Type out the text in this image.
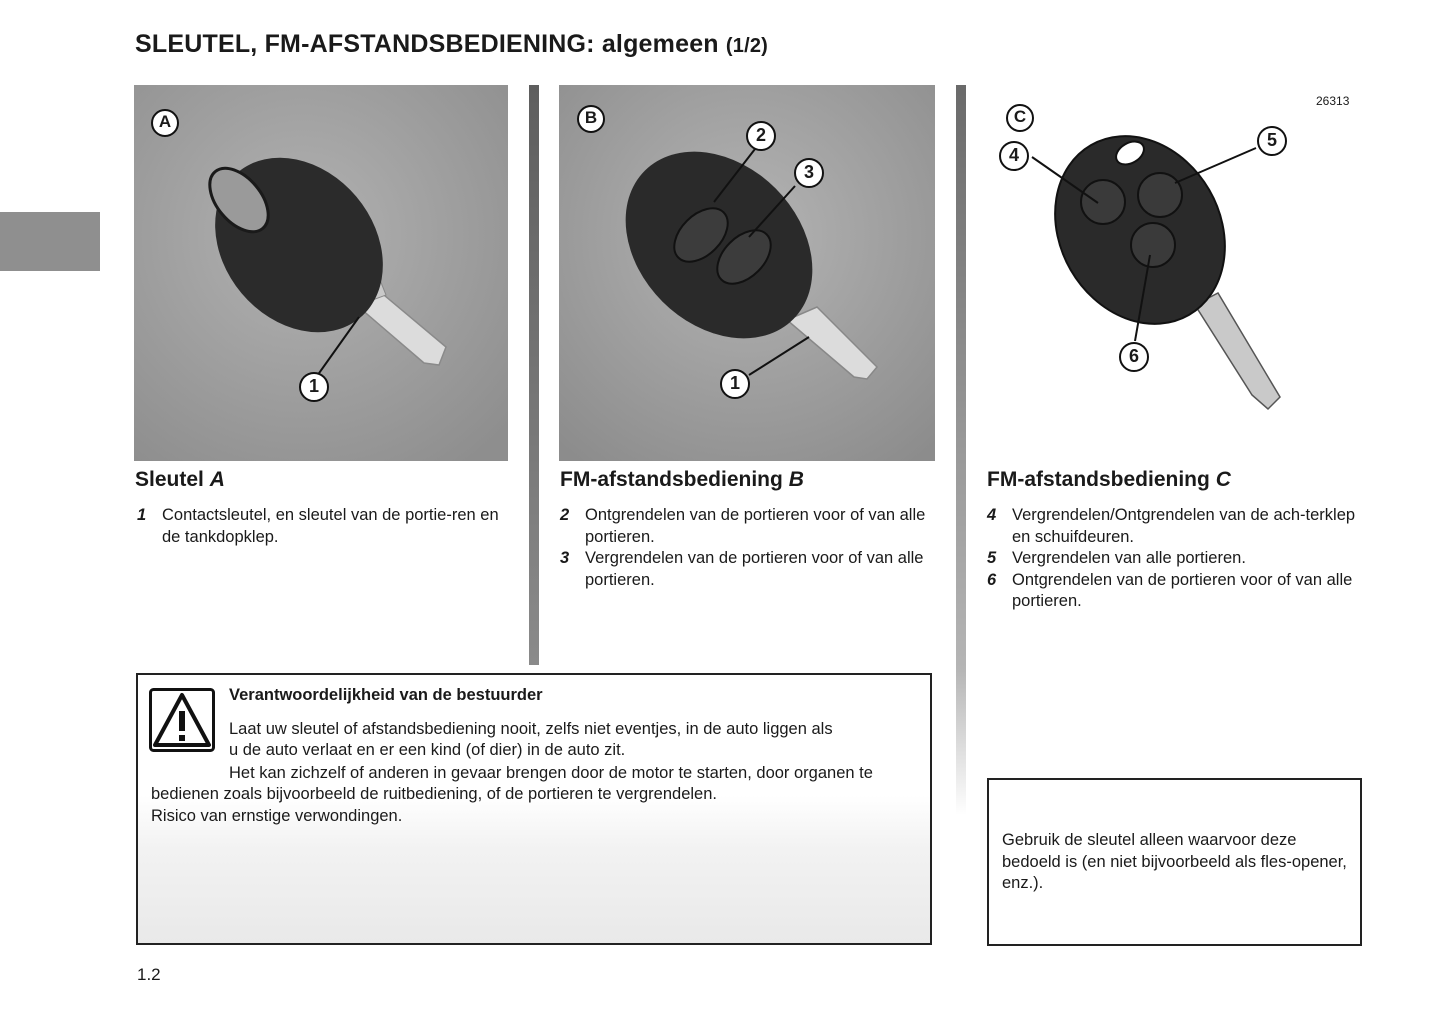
SLEUTEL, FM-AFSTANDSBEDIENING: algemeen (1/2)
A
1
B
2
3
1
C
4
5
6
26313
Sleutel A
1 Contactsleutel, en sleutel van de portie-ren en de tankdopklep.
FM-afstandsbediening B
2 Ontgrendelen van de portieren voor of van alle portieren.
3 Vergrendelen van de portieren voor of van alle portieren.
FM-afstandsbediening C
4 Vergrendelen/Ontgrendelen van de ach-terklep en schuifdeuren.
5 Vergrendelen van alle portieren.
6 Ontgrendelen van de portieren voor of van alle portieren.
Verantwoordelijkheid van de bestuurder
Laat uw sleutel of afstandsbediening nooit, zelfs niet eventjes, in de auto liggen als
u de auto verlaat en er een kind (of dier) in de auto zit.
Het kan zichzelf of anderen in gevaar brengen door de motor te starten, door organen te
bedienen zoals bijvoorbeeld de ruitbediening, of de portieren te vergrendelen.
Risico van ernstige verwondingen.
Gebruik de sleutel alleen waarvoor deze bedoeld is (en niet bijvoorbeeld als fles-opener, enz.).
1.2
